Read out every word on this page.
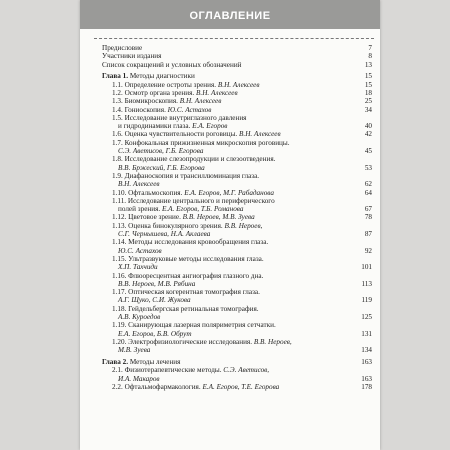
ОГЛАВЛЕНИЕ
Предисловие	7
Участники издания	8
Список сокращений и условных обозначений	13
Глава 1. Методы диагностики	15
1.1. Определение остроты зрения. В.Н. Алексеев	15
1.2. Осмотр органа зрения. В.Н. Алексеев	18
1.3. Биомикроскопия. В.Н. Алексеев	25
1.4. Гониоскопия. Ю.С. Астахов	34
1.5. Исследование внутриглазного давления
и гидродинамики глаза. Е.А. Егоров	40
1.6. Оценка чувствительности роговицы. В.Н. Алексеев	42
1.7. Конфокальная прижизненная микроскопия роговицы.
С.Э. Аветисов, Г.Б. Егорова	45
1.8. Исследование слезопродукции и слезоотведения.
В.В. Бржеский, Г.Б. Егорова	53
1.9. Диафаноскопия и трансиллюминация глаза.
В.Н. Алексеев	62
1.10. Офтальмоскопия. Е.А. Егоров, М.Г. Рабаданова	64
1.11. Исследование центрального и периферического
полей зрения. Е.А. Егоров, Т.Б. Романова	67
1.12. Цветовое зрение. В.В. Нероев, М.В. Зуева	78
1.13. Оценка бинокулярного зрения. В.В. Нероев,
С.Г. Чернышева, Н.А. Аклаева	87
1.14. Методы исследования кровообращения глаза.
Ю.С. Астахов	92
1.15. Ультразвуковые методы исследования глаза.
Х.П. Тахчиди	101
1.16. Флюоресцентная ангиография глазного дна.
В.В. Нероев, М.В. Рябина	113
1.17. Оптическая когерентная томография глаза.
А.Г. Щуко, С.И. Жукова	119
1.18. Гейдельбергская ретинальная томография.
А.В. Куроедов	125
1.19. Сканирующая лазерная поляриметрия сетчатки.
Е.А. Егоров, Б.В. Обрут	131
1.20. Электрофизиологические исследования. В.В. Нероев,
М.В. Зуева	134
Глава 2. Методы лечения	163
2.1. Физиотерапевтические методы. С.Э. Аветисов,
И.А. Макаров	163
2.2. Офтальмофармакология. Е.А. Егоров, Т.Е. Егорова	178
